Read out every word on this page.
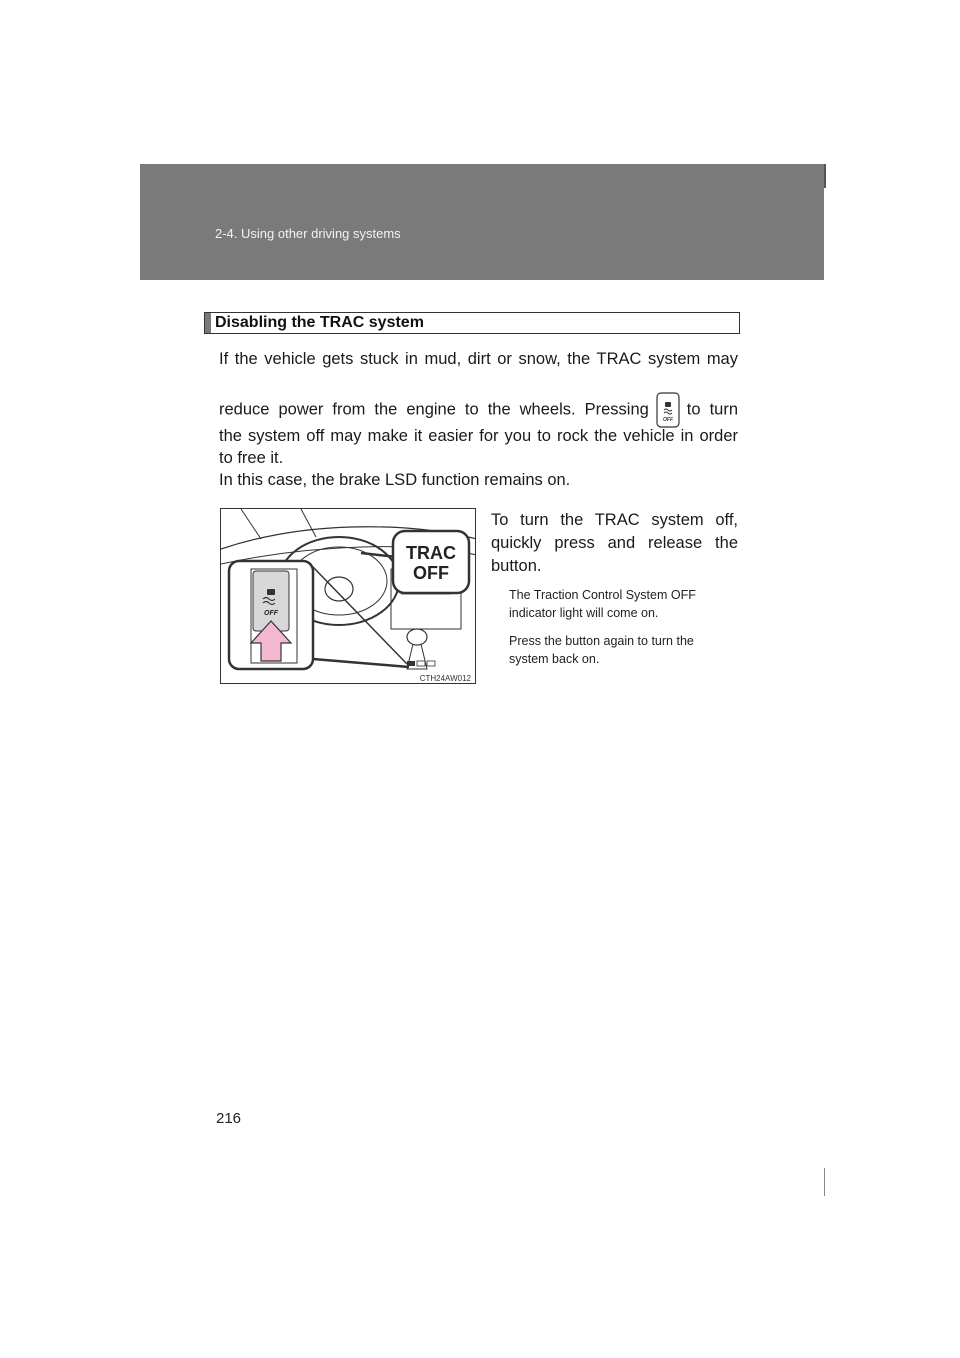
2-4. Using other driving systems
Disabling the TRAC system
If the vehicle gets stuck in mud, dirt or snow, the TRAC system may
reduce power from the engine to the wheels. Pressing
OFF
to turn
the system off may make it easier for you to rock the vehicle in order
to free it.
In this case, the brake LSD function remains on.
TRAC
OFF
OFF
CTH24AW012
To turn the TRAC system off,
quickly press and release the
button.
The Traction Control System OFF
indicator light will come on.
Press the button again to turn the
system back on.
216
